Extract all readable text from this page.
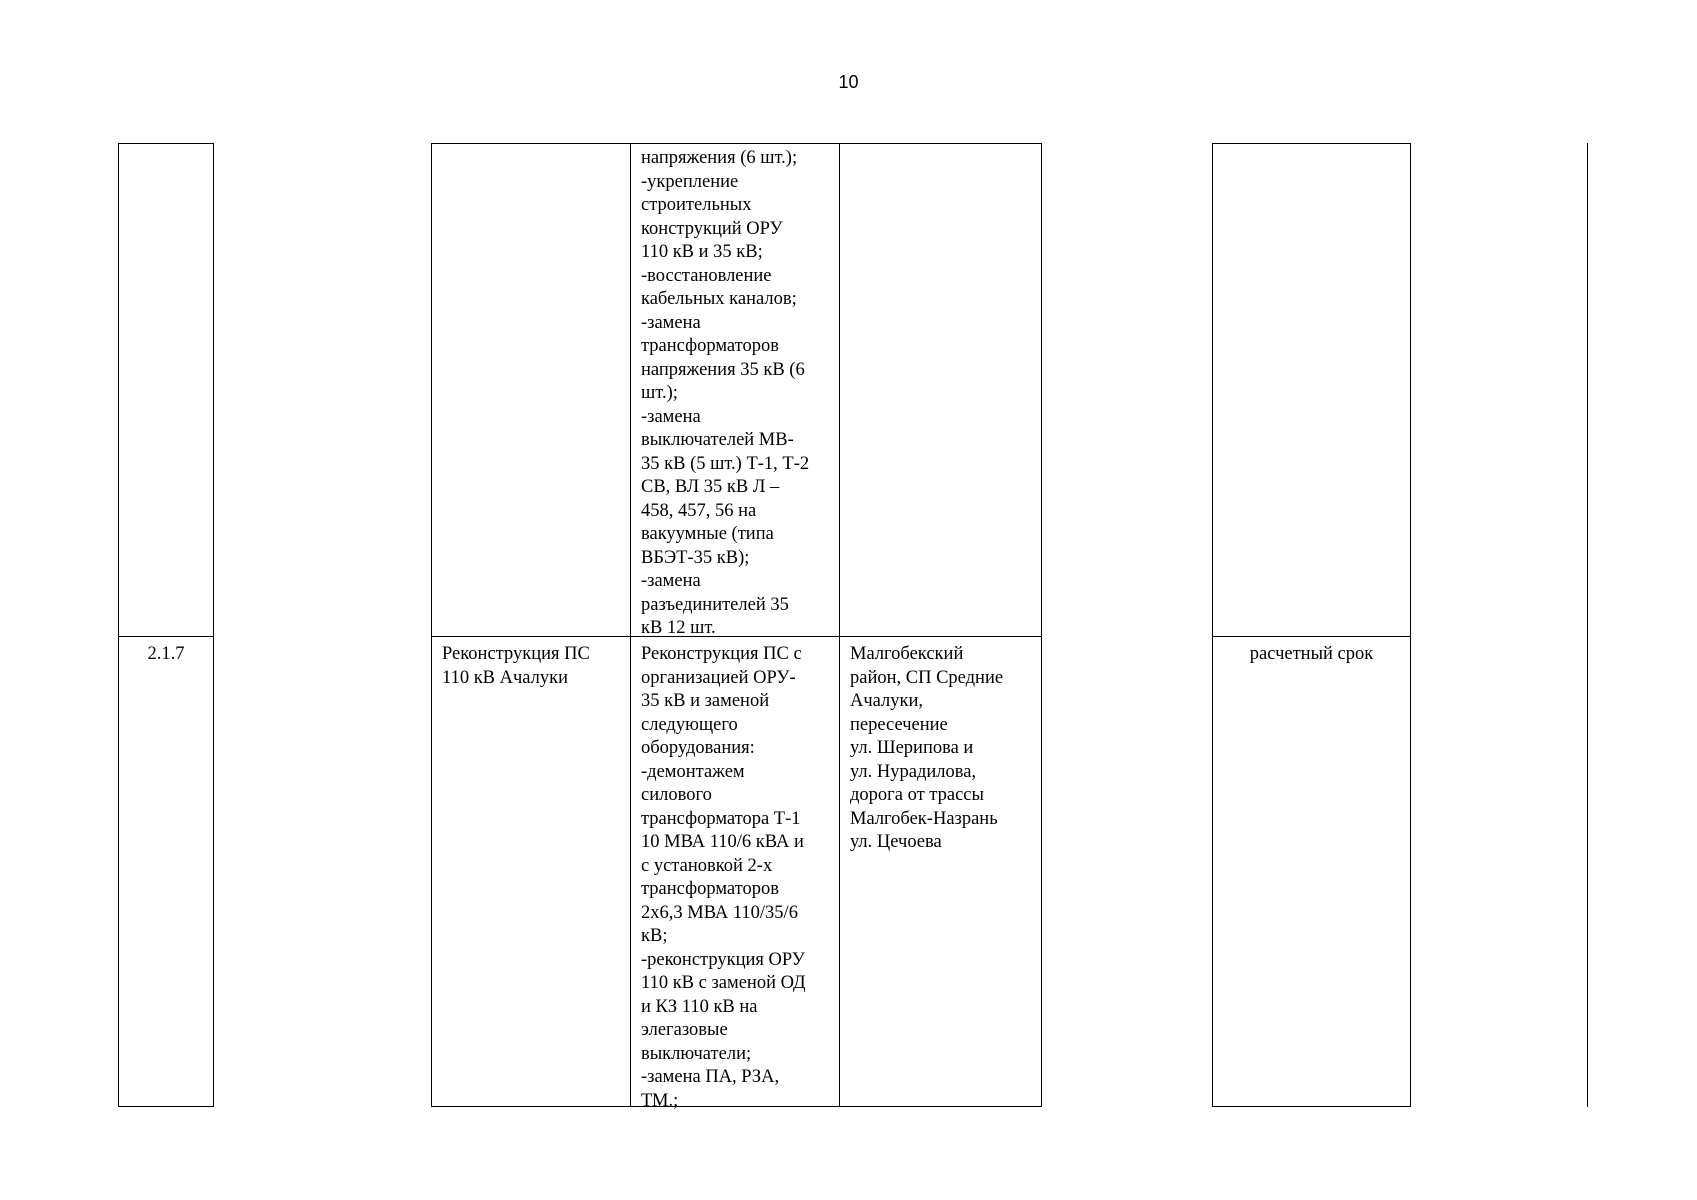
10
напряжения (6 шт.);
-укрепление
строительных
конструкций ОРУ
110 кВ и 35 кВ;
-восстановление
кабельных каналов;
-замена
трансформаторов
напряжения 35 кВ (6
шт.);
-замена
выключателей МВ-
35 кВ (5 шт.) Т-1, Т-2
СВ, ВЛ 35 кВ Л –
458, 457, 56 на
вакуумные (типа
ВБЭТ-35 кВ);
-замена
разъединителей 35
кВ 12 шт.
2.1.7	Реконструкция ПС
110 кВ Ачалуки
Реконструкция ПС с
организацией ОРУ-
35 кВ и заменой
следующего
оборудования:
-демонтажем
силового
трансформатора Т-1
10 МВА 110/6 кВА и
с установкой 2-х
трансформаторов
2х6,3 МВА 110/35/6
кВ;
-реконструкция ОРУ
110 кВ с заменой ОД
и КЗ 110 кВ на
элегазовые
выключатели;
-замена ПА, РЗА,
ТМ.;
Малгобекский
район, СП Средние
Ачалуки,
пересечение
ул. Шерипова и
ул. Нурадилова,
дорога от трассы
Малгобек-Назрань
ул. Цечоева
расчетный срок
